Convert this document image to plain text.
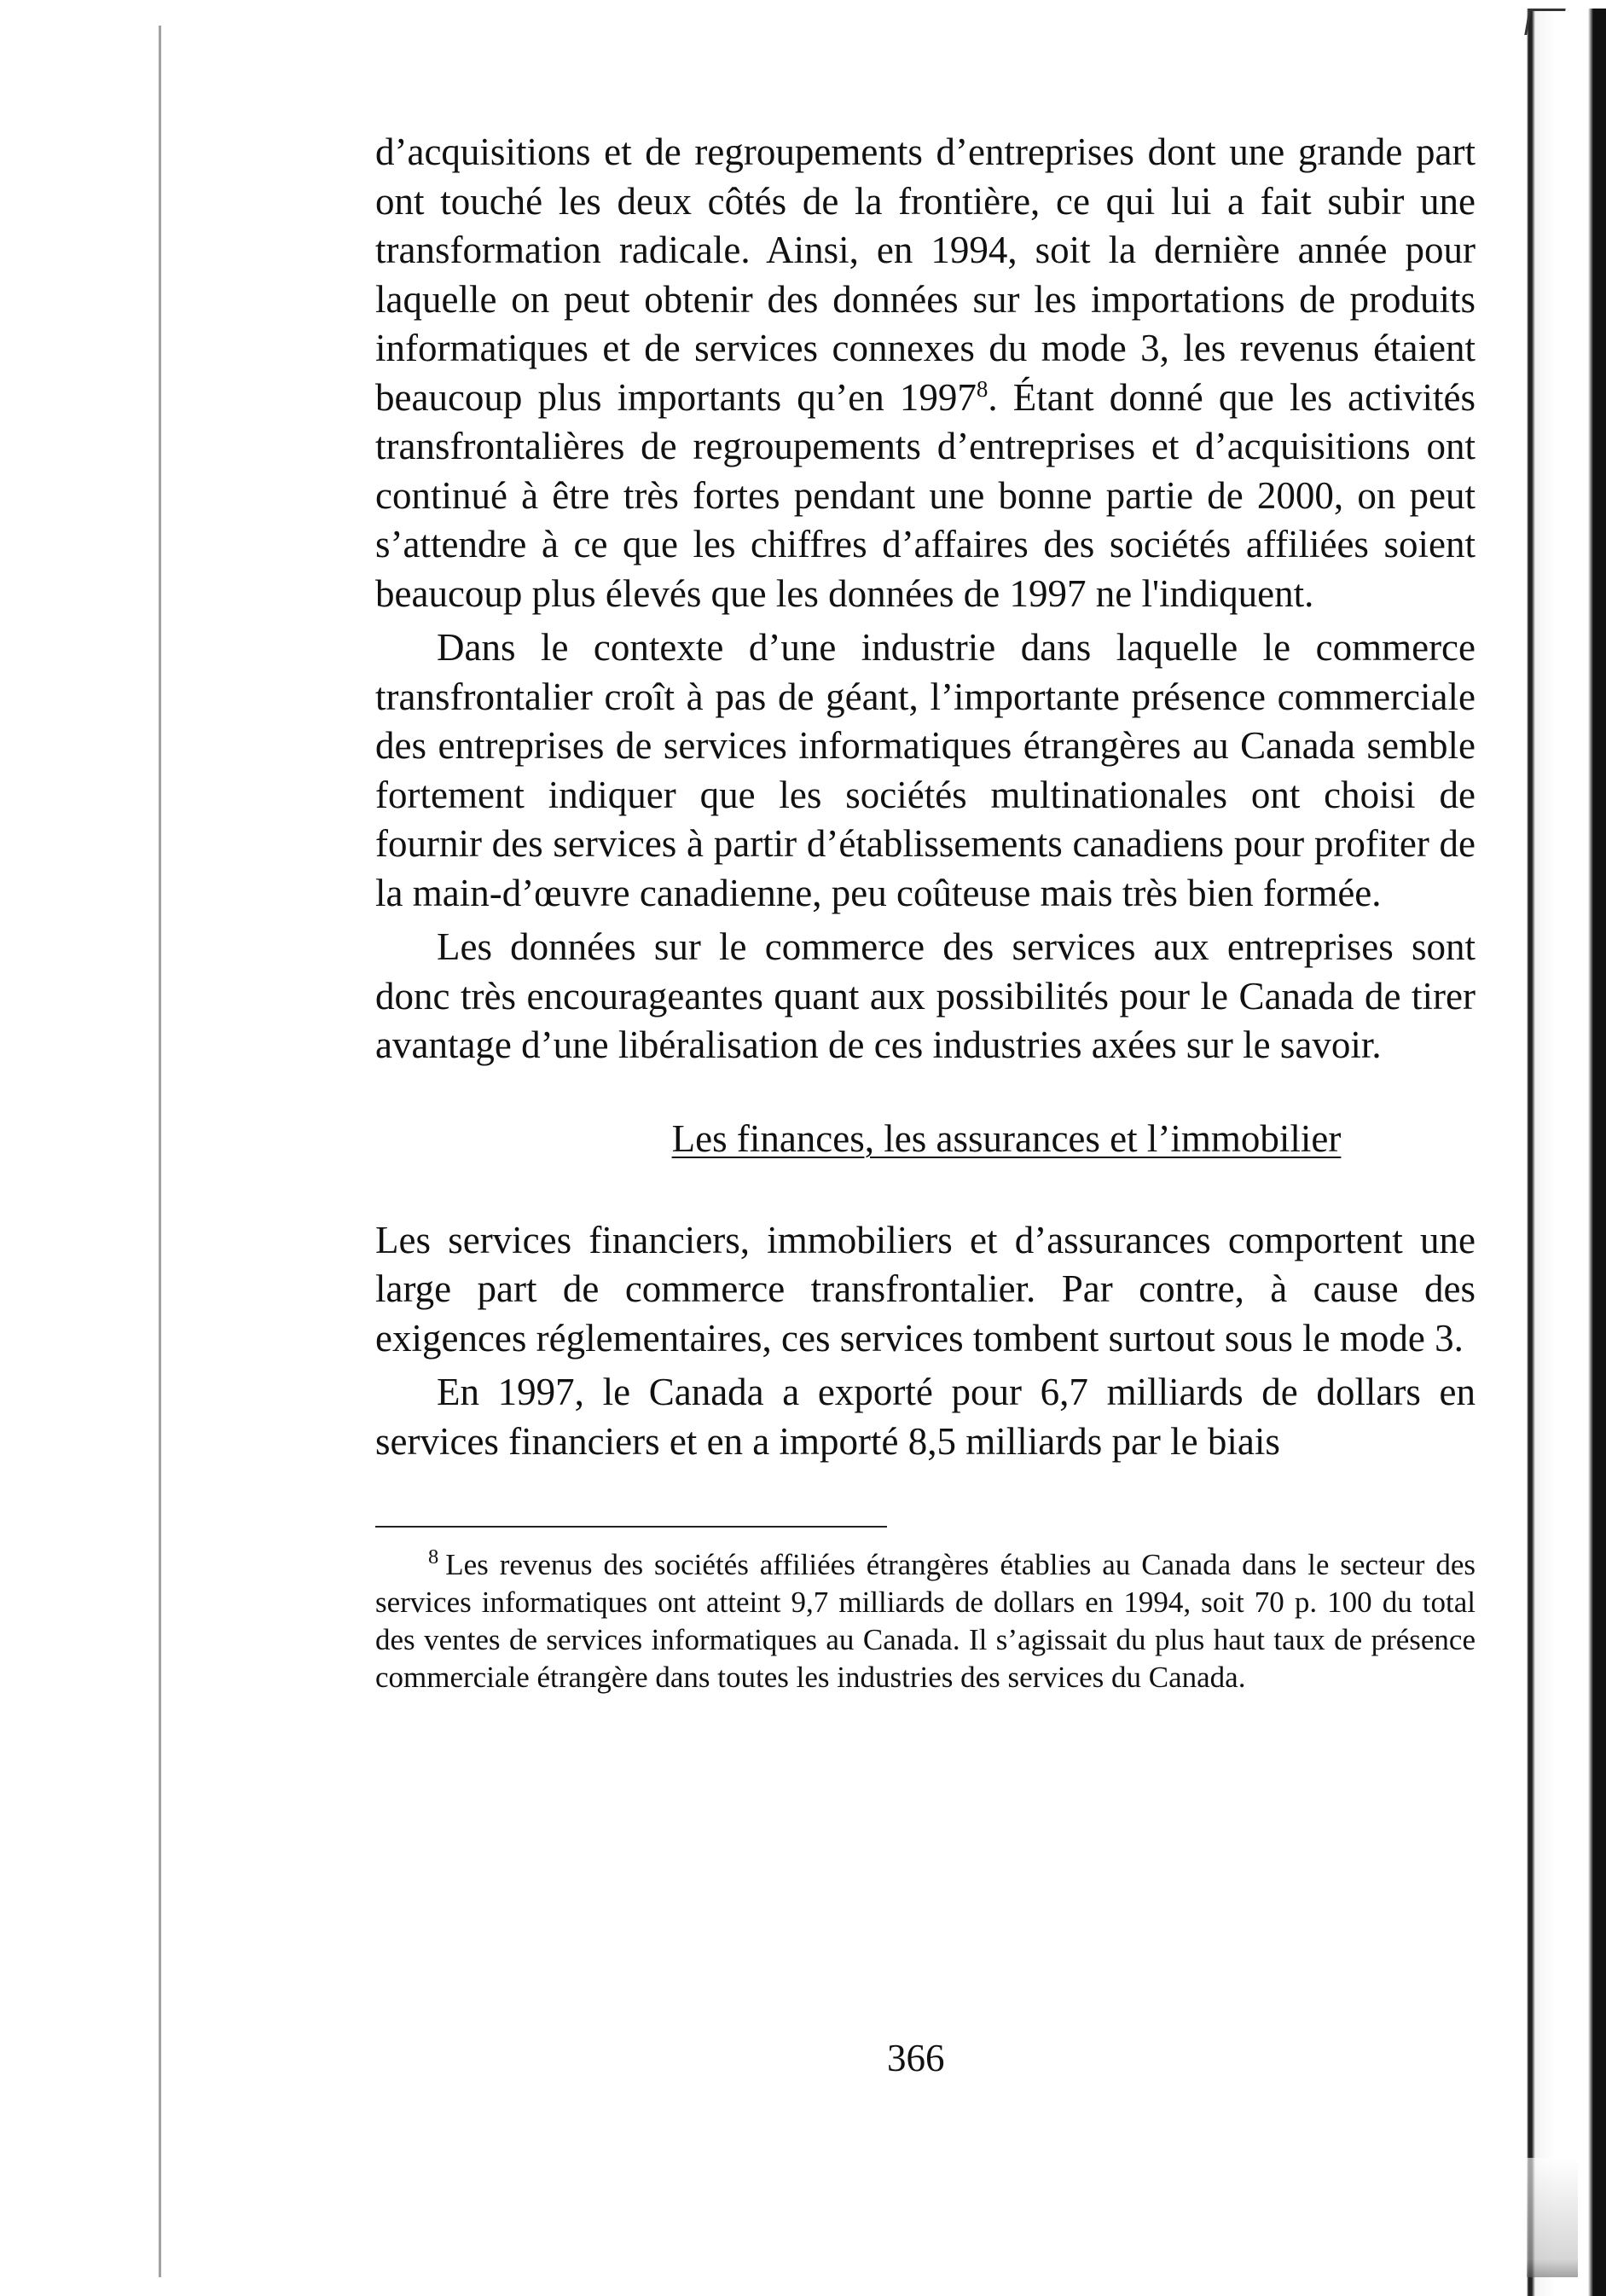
d’acquisitions et de regroupements d’entreprises dont une grande part ont touché les deux côtés de la frontière, ce qui lui a fait subir une transformation radicale. Ainsi, en 1994, soit la dernière année pour laquelle on peut obtenir des données sur les importations de produits informatiques et de services connexes du mode 3, les revenus étaient beaucoup plus importants qu’en 1997$^8$. Étant donné que les activités transfrontalières de regroupements d’entreprises et d’acquisitions ont continué à être très fortes pendant une bonne partie de 2000, on peut s’attendre à ce que les chiffres d’affaires des sociétés affiliées soient beaucoup plus élevés que les données de 1997 ne l'indiquent.

Dans le contexte d’une industrie dans laquelle le commerce transfrontalier croît à pas de géant, l’importante présence commerciale des entreprises de services informatiques étrangères au Canada semble fortement indiquer que les sociétés multinationales ont choisi de fournir des services à partir d’établissements canadiens pour profiter de la main-d’œuvre canadienne, peu coûteuse mais très bien formée.

Les données sur le commerce des services aux entreprises sont donc très encourageantes quant aux possibilités pour le Canada de tirer avantage d’une libéralisation de ces industries axées sur le savoir.

Les finances, les assurances et l’immobilier

Les services financiers, immobiliers et d’assurances comportent une large part de commerce transfrontalier. Par contre, à cause des exigences réglementaires, ces services tombent surtout sous le mode 3.

En 1997, le Canada a exporté pour 6,7 milliards de dollars en services financiers et en a importé 8,5 milliards par le biais

$^8$ Les revenus des sociétés affiliées étrangères établies au Canada dans le secteur des services informatiques ont atteint 9,7 milliards de dollars en 1994, soit 70 p. 100 du total des ventes de services informatiques au Canada. Il s’agissait du plus haut taux de présence commerciale étrangère dans toutes les industries des services du Canada.

366
